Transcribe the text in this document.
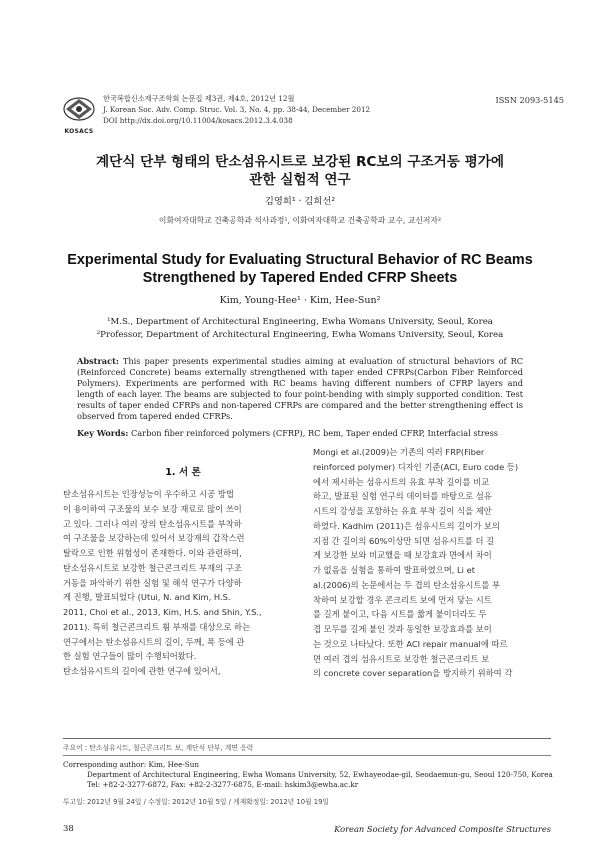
KOSACS
한국복합신소재구조학회 논문집 제3권, 제4호, 2012년 12월
J. Korean Soc. Adv. Comp. Struc. Vol. 3, No. 4, pp. 38-44, December 2012
DOI http://dx.doi.org/10.11004/kosacs.2012.3.4.038
ISSN 2093-5145
계단식 단부 형태의 탄소섬유시트로 보강된 RC보의 구조거동 평가에
관한 실험적 연구
김영희¹ · 김희선²
이화여자대학교 건축공학과 석사과정¹, 이화여자대학교 건축공학과 교수, 교신저자²
Experimental Study for Evaluating Structural Behavior of RC Beams
Strengthened by Tapered Ended CFRP Sheets
Kim, Young-Hee¹ · Kim, Hee-Sun²
¹M.S., Department of Architectural Engineering, Ewha Womans University, Seoul, Korea
²Professor, Department of Architectural Engineering, Ewha Womans University, Seoul, Korea
Abstract: This paper presents experimental studies aiming at evaluation of structural behaviors of RC (Reinforced Concrete) beams externally strengthened with taper ended CFRPs(Carbon Fiber Reinforced Polymers). Experiments are performed with RC beams having different numbers of CFRP layers and length of each layer. The beams are subjected to four point-bending with simply supported condition. Test results of taper ended CFRPs and non-tapered CFRPs are compared and the better strengthening effect is observed from tapered ended CFRPs.
Key Words: Carbon fiber reinforced polymers (CFRP), RC bem, Taper ended CFRP, Interfacial stress
1. 서 론
탄소섬유시트는 인장성능이 우수하고 시공 방법
이 용이하여 구조물의 보수 보강 재료로 많이 쓰이
고 있다. 그러나 여러 장의 탄소섬유시트를 부착하
여 구조물을 보강하는데 있어서 보강재의 갑작스런
탈락으로 인한 위험성이 존재한다. 이와 관련하여,
탄소섬유시트로 보강한 철근콘크리트 부재의 구조
거동을 파악하기 위한 실험 및 해석 연구가 다양하
게 진행, 발표되었다 (Utui, N. and Kim, H.S.
2011, Choi et al., 2013, Kim, H.S. and Shin, Y.S.,
2011). 특히 철근콘크리트 휨 부재를 대상으로 하는
연구에서는 탄소섬유시트의 길이, 두께, 폭 등에 관
한 실험 연구들이 많이 수행되어왔다.
탄소섬유시트의 길이에 관한 연구에 있어서,
Mongi et al.(2009)는 기존의 여러 FRP(Fiber
reinforced polymer) 디자인 기준(ACI, Euro code 등)
에서 제시하는 섬유시트의 유효 부착 길이를 비교
하고, 발표된 실험 연구의 데이터를 바탕으로 섬유
시트의 강성을 포함하는 유효 부착 길이 식을 제안
하였다. Kadhim (2011)은 섬유시트의 길이가 보의
지점 간 길이의 60%이상만 되면 섬유시트를 더 길
게 보강한 보와 비교했을 때 보강효과 면에서 차이
가 없음을 실험을 통하여 발표하였으며, Li et
al.(2006)의 논문에서는 두 겹의 탄소섬유시트를 부
착하여 보강할 경우 콘크리트 보에 먼저 닿는 시트
를 길게 붙이고, 다음 시트를 짧게 붙이더라도 두
겹 모두를 길게 붙인 것과 동일한 보강효과를 보이
는 것으로 나타났다. 또한 ACI repair manual에 따르
면 여러 겹의 섬유시트로 보강한 철근콘크리트 보
의 concrete cover separation을 방지하기 위하여 각
주요어 : 탄소섬유시트, 철근콘크리트 보, 계단식 단부, 계면 응력
Corresponding author: Kim, Hee-Sun
Department of Architectural Engineering, Ewha Womans University, 52, Ewhayeodae-gil, Seodaemun-gu, Seoul 120-750, Korea
Tel: +82-2-3277-6872, Fax: +82-2-3277-6875, E-mail: hskim3@ewha.ac.kr
투고일: 2012년 9월 24일 / 수정일: 2012년 10월 5일 / 게재확정일: 2012년 10월 19일
38	Korean Society for Advanced Composite Structures
